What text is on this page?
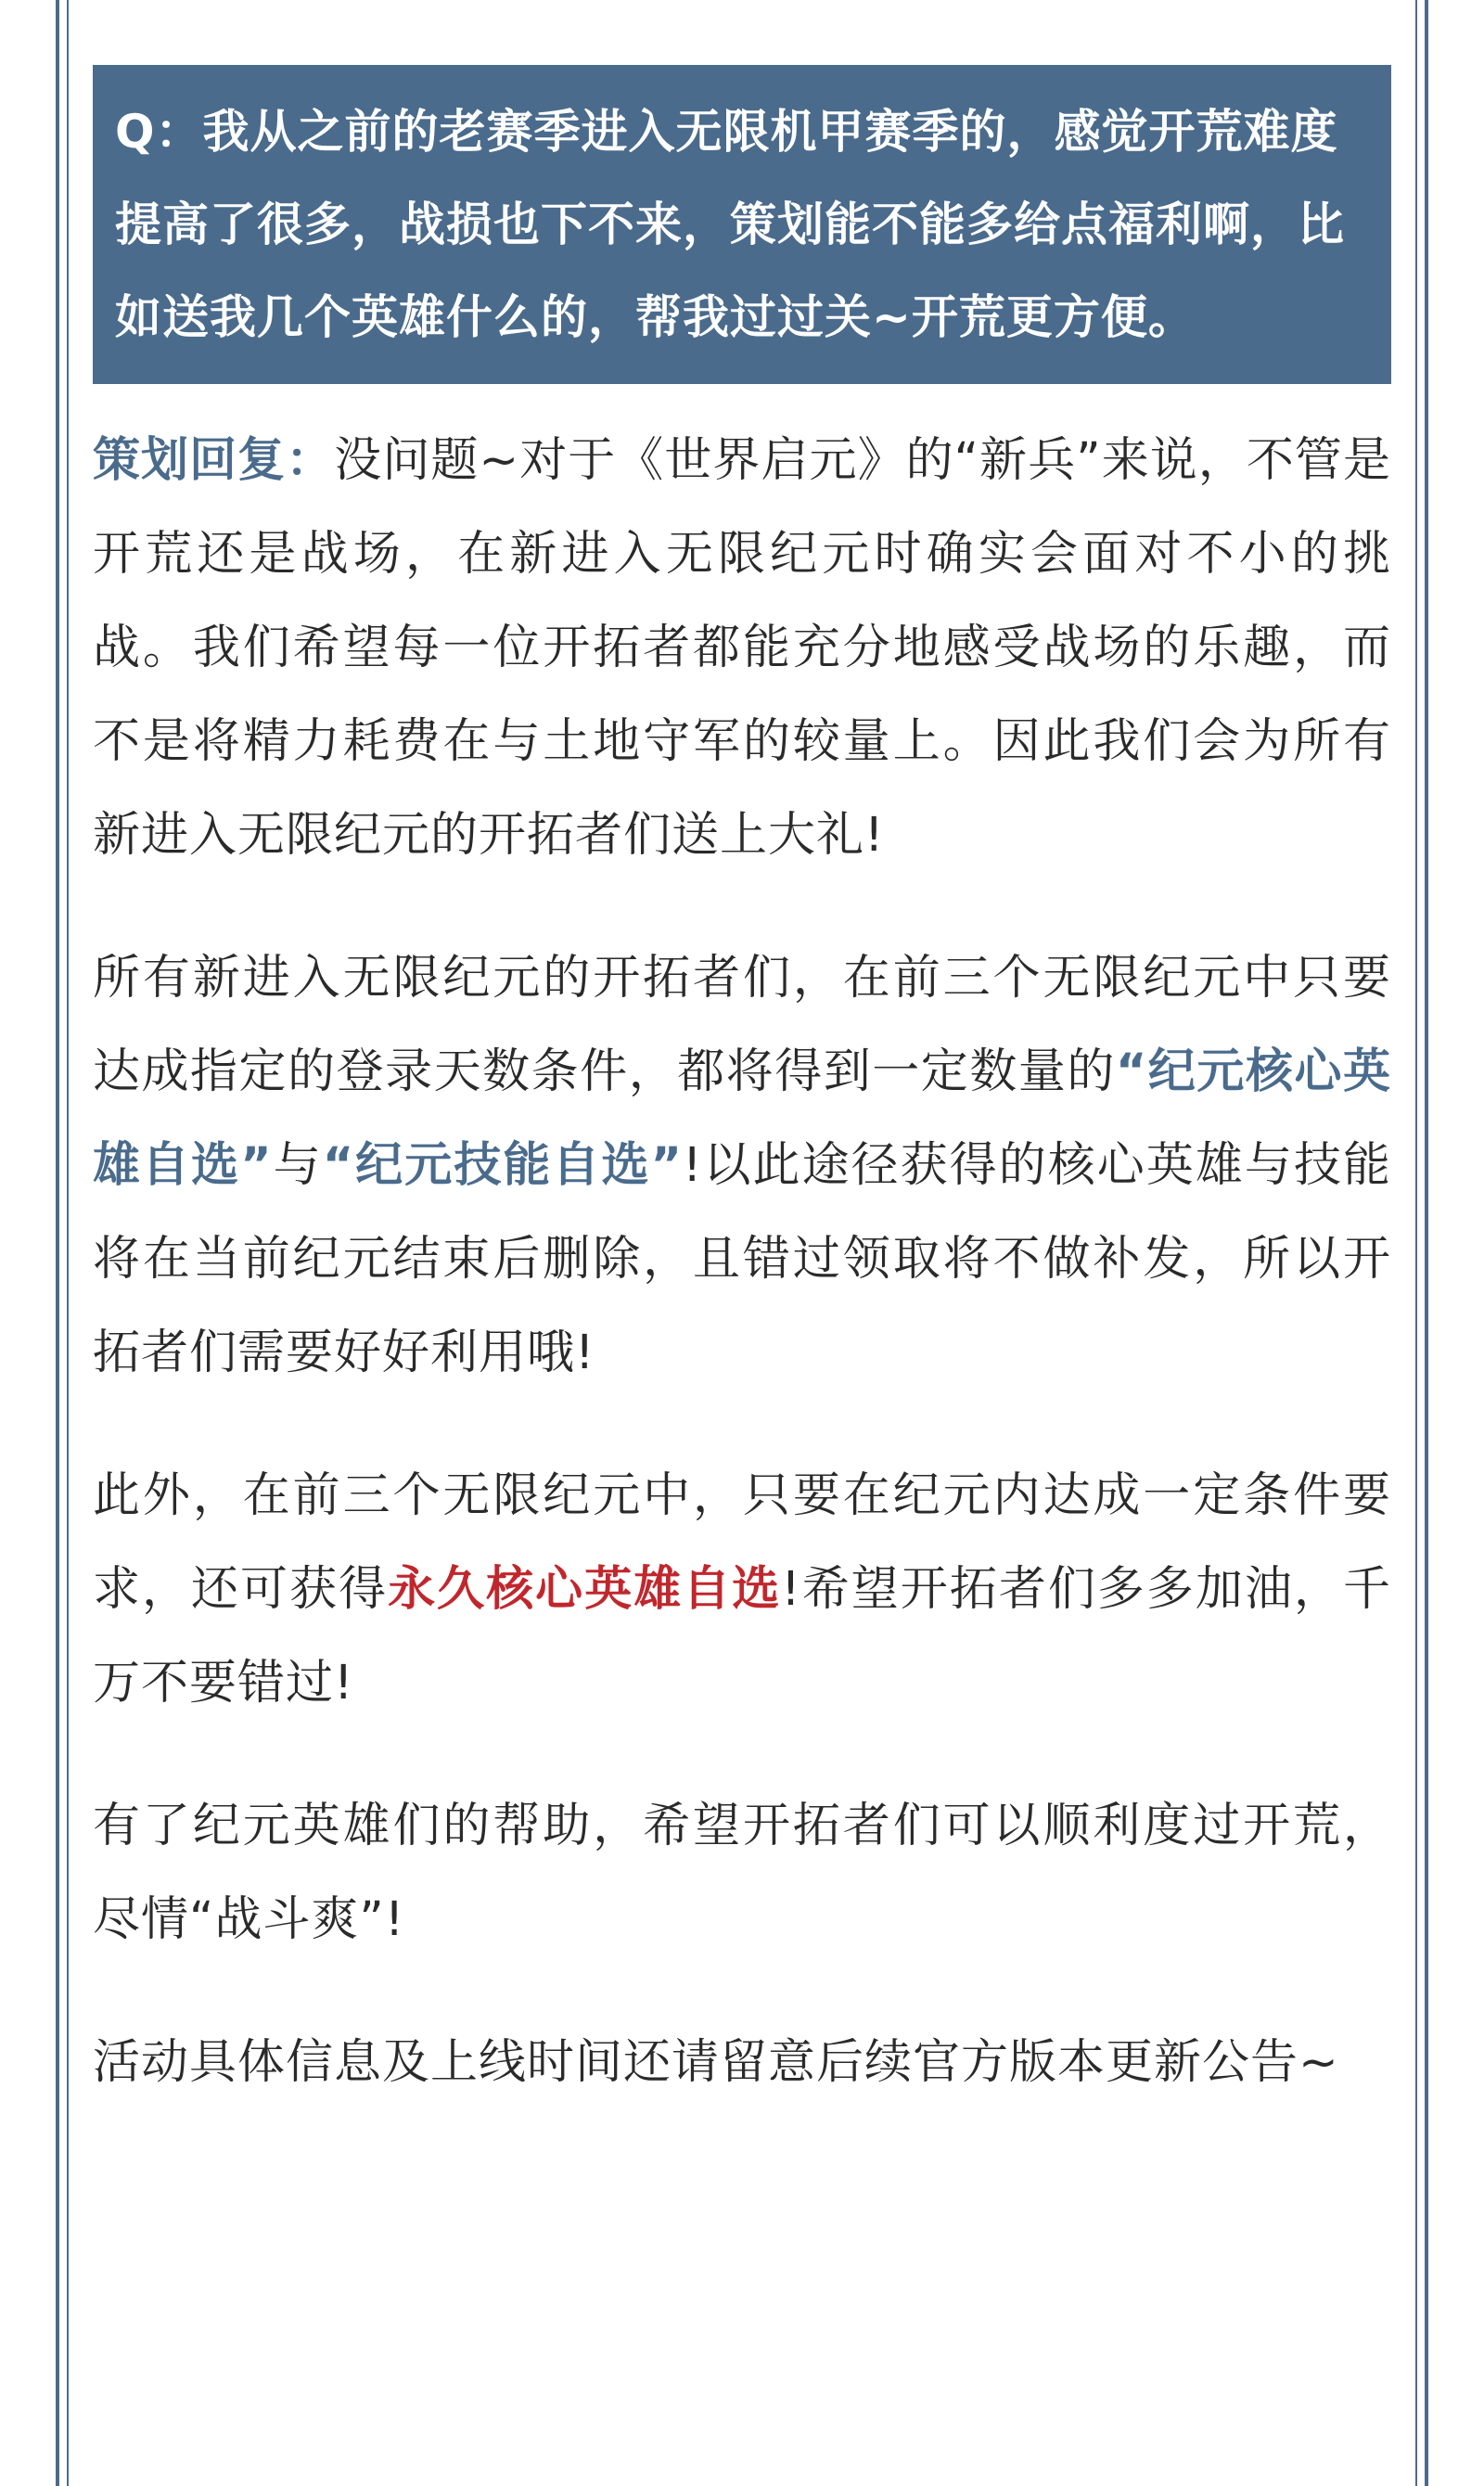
Q：我从之前的老赛季进入无限机甲赛季的，感觉开荒难度提高了很多，战损也下不来，策划能不能多给点福利啊，比如送我几个英雄什么的，帮我过过关~开荒更方便。

策划回复：没问题~对于《世界启元》的“新兵”来说，不管是开荒还是战场，在新进入无限纪元时确实会面对不小的挑战。我们希望每一位开拓者都能充分地感受战场的乐趣，而不是将精力耗费在与土地守军的较量上。因此我们会为所有新进入无限纪元的开拓者们送上大礼!

所有新进入无限纪元的开拓者们，在前三个无限纪元中只要达成指定的登录天数条件，都将得到一定数量的“纪元核心英雄自选”与“纪元技能自选”!以此途径获得的核心英雄与技能将在当前纪元结束后删除，且错过领取将不做补发，所以开拓者们需要好好利用哦!

此外，在前三个无限纪元中，只要在纪元内达成一定条件要求，还可获得永久核心英雄自选!希望开拓者们多多加油，千万不要错过!

有了纪元英雄们的帮助，希望开拓者们可以顺利度过开荒，尽情“战斗爽”!

活动具体信息及上线时间还请留意后续官方版本更新公告~
